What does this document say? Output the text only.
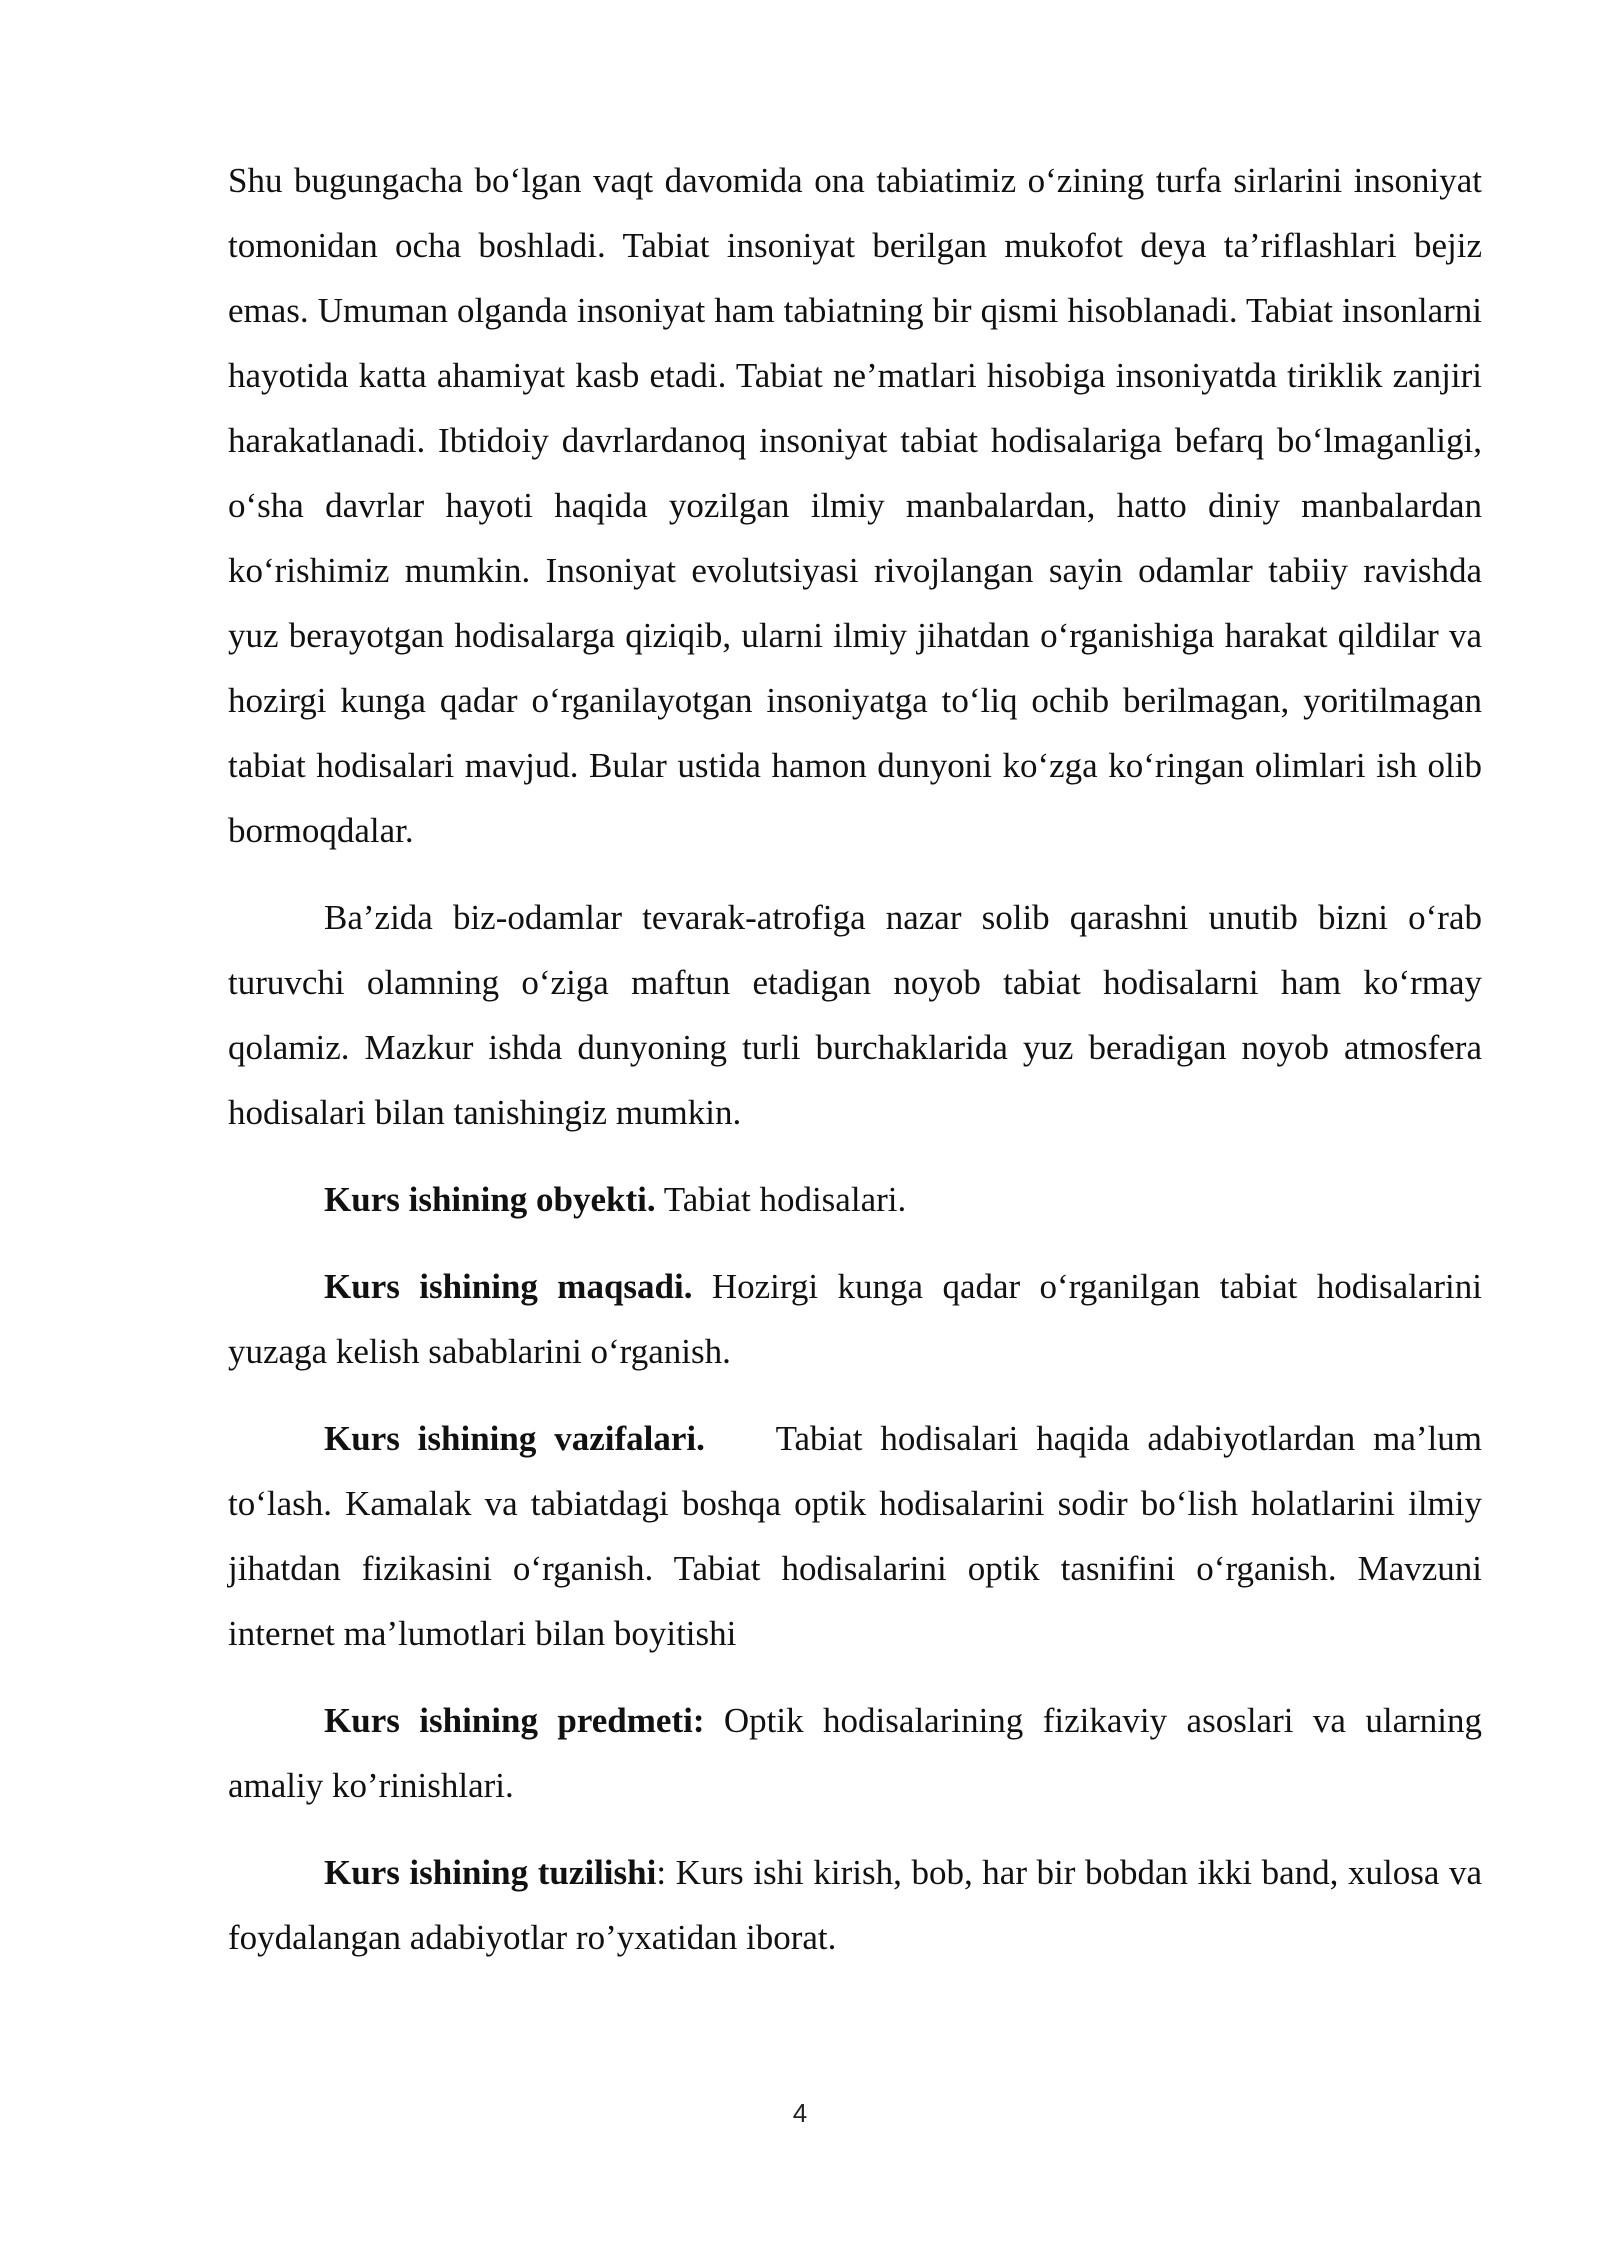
Shu bugungacha bo‘lgan vaqt davomida ona tabiatimiz o‘zining turfa sirlarini insoniyat tomonidan ocha boshladi. Tabiat insoniyat berilgan mukofot deya ta’riflashlari bejiz emas. Umuman olganda insoniyat ham tabiatning bir qismi hisoblanadi. Tabiat insonlarni hayotida katta ahamiyat kasb etadi. Tabiat ne’matlari hisobiga insoniyatda tiriklik zanjiri harakatlanadi. Ibtidoiy davrlardanoq insoniyat tabiat hodisalariga befarq bo‘lmaganligi, o‘sha davrlar hayoti haqida yozilgan ilmiy manbalardan, hatto diniy manbalardan ko‘rishimiz mumkin. Insoniyat evolutsiyasi rivojlangan sayin odamlar tabiiy ravishda yuz berayotgan hodisalarga qiziqib, ularni ilmiy jihatdan o‘rganishiga harakat qildilar va hozirgi kunga qadar o‘rganilayotgan insoniyatga to‘liq ochib berilmagan, yoritilmagan tabiat hodisalari mavjud. Bular ustida hamon dunyoni ko‘zga ko‘ringan olimlari ish olib bormoqdalar.

Ba’zida biz-odamlar tevarak-atrofiga nazar solib qarashni unutib bizni o‘rab turuvchi olamning o‘ziga maftun etadigan noyob tabiat hodisalarni ham ko‘rmay qolamiz. Mazkur ishda dunyoning turli burchaklarida yuz beradigan noyob atmosfera hodisalari bilan tanishingiz mumkin.

Kurs ishining obyekti. Tabiat hodisalari.

Kurs ishining maqsadi. Hozirgi kunga qadar o‘rganilgan tabiat hodisalarini yuzaga kelish sabablarini o‘rganish.

Kurs ishining vazifalari.    Tabiat hodisalari haqida adabiyotlardan ma’lum to‘lash. Kamalak va tabiatdagi boshqa optik hodisalarini sodir bo‘lish holatlarini ilmiy jihatdan fizikasini o‘rganish. Tabiat hodisalarini optik tasnifini o‘rganish. Mavzuni internet ma’lumotlari bilan boyitishi

Kurs ishining predmeti: Optik hodisalarining fizikaviy asoslari va ularning amaliy ko’rinishlari.

Kurs ishining tuzilishi: Kurs ishi kirish, bob, har bir bobdan ikki band, xulosa va foydalangan adabiyotlar ro’yxatidan iborat.

4
